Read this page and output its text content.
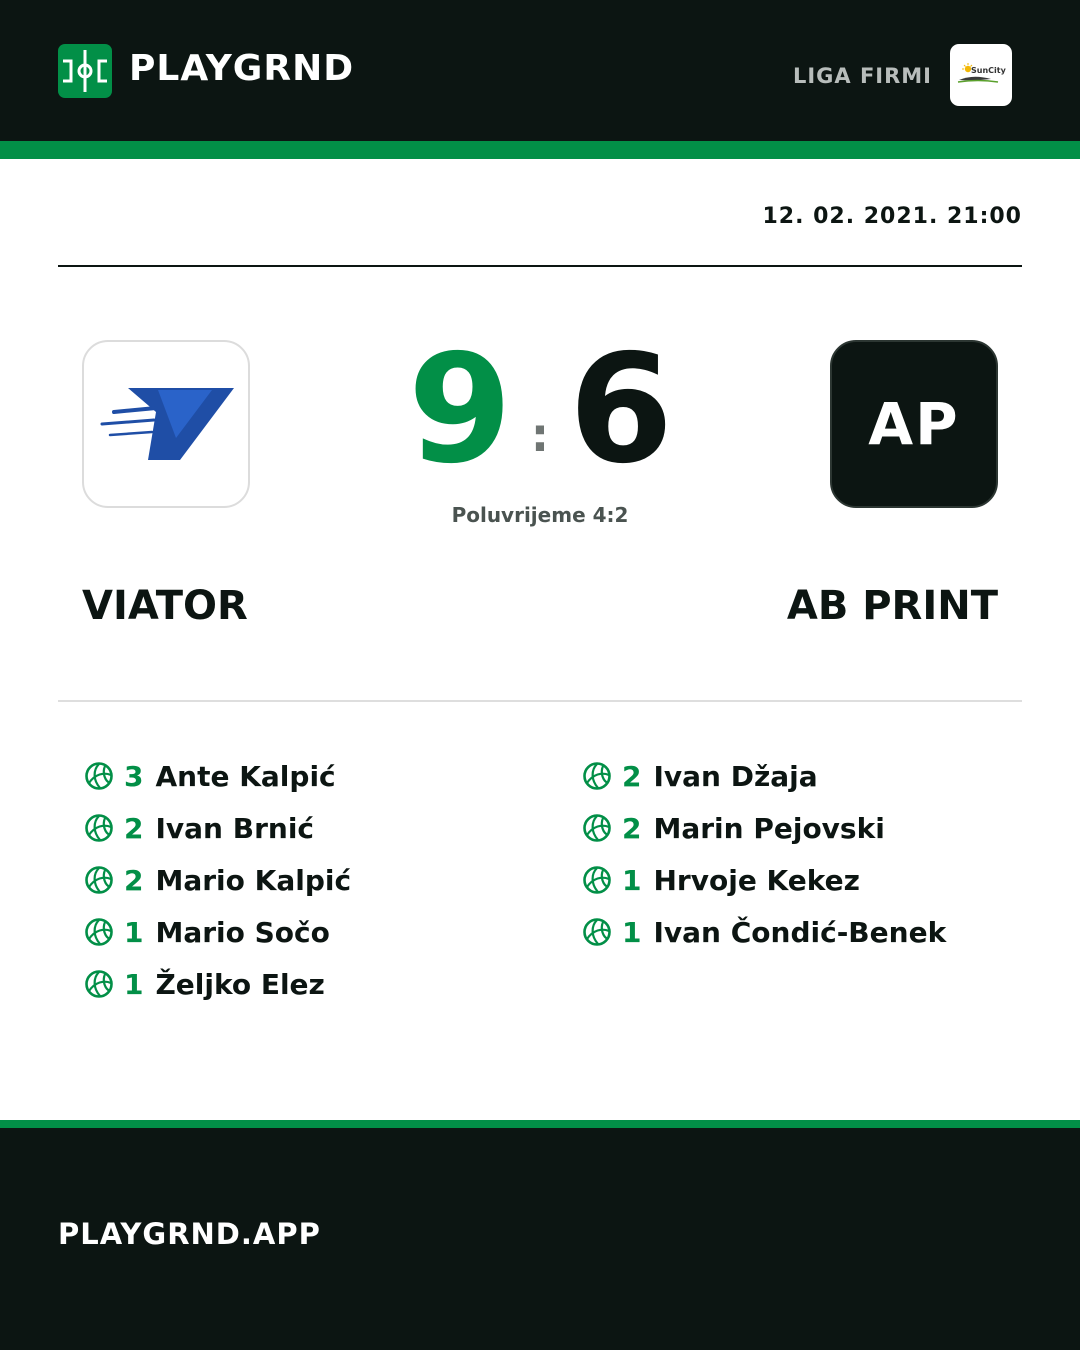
PLAYGRND	LIGA FIRMI	SunCity
12. 02. 2021. 21:00
9 : 6
Poluvrijeme 4:2
AP
VIATOR	AB PRINT
3 Ante Kalpić
2 Ivan Brnić
2 Mario Kalpić
1 Mario Sočo
1 Željko Elez
2 Ivan Džaja
2 Marin Pejovski
1 Hrvoje Kekez
1 Ivan Čondić-Benek
PLAYGRND.APP
